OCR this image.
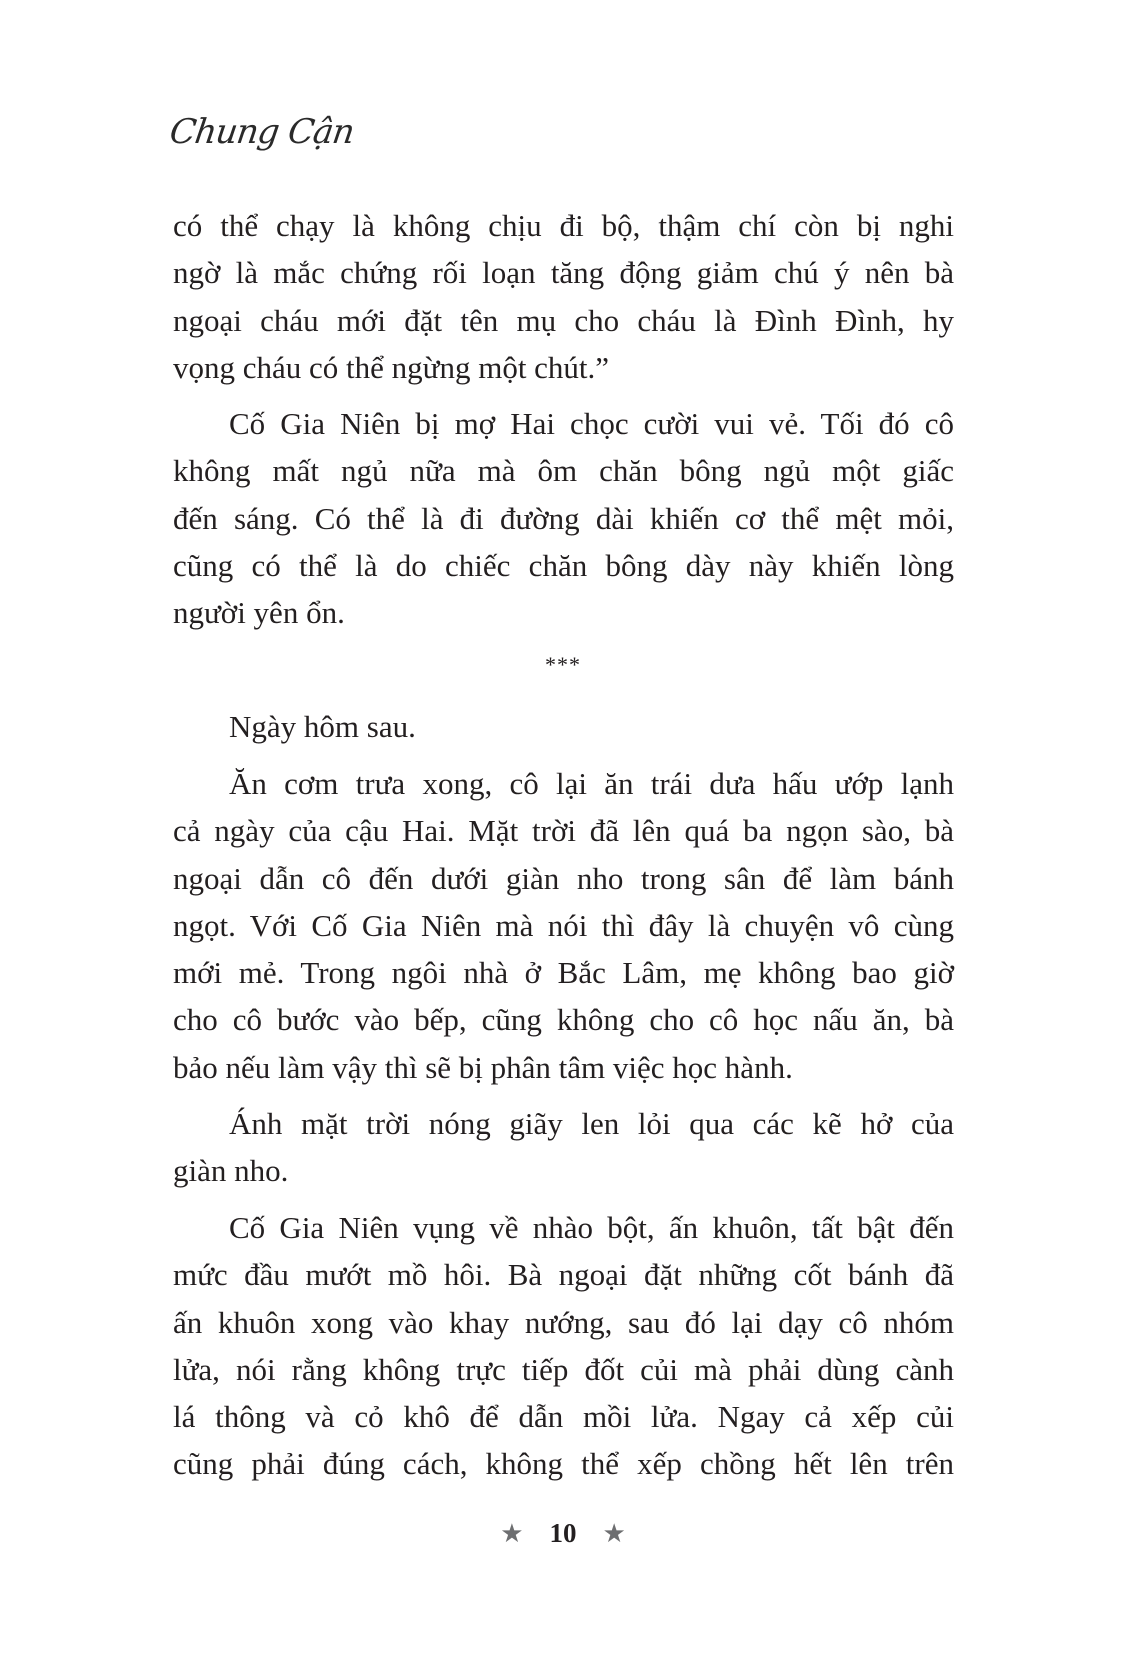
Chung Cận
có thể chạy là không chịu đi bộ, thậm chí còn bị nghi
ngờ là mắc chứng rối loạn tăng động giảm chú ý nên bà
ngoại cháu mới đặt tên mụ cho cháu là Đình Đình, hy
vọng cháu có thể ngừng một chút.”
Cố Gia Niên bị mợ Hai chọc cười vui vẻ. Tối đó cô
không mất ngủ nữa mà ôm chăn bông ngủ một giấc
đến sáng. Có thể là đi đường dài khiến cơ thể mệt mỏi,
cũng có thể là do chiếc chăn bông dày này khiến lòng
người yên ổn.
Ngày hôm sau.
Ăn cơm trưa xong, cô lại ăn trái dưa hấu ướp lạnh
cả ngày của cậu Hai. Mặt trời đã lên quá ba ngọn sào, bà
ngoại dẫn cô đến dưới giàn nho trong sân để làm bánh
ngọt. Với Cố Gia Niên mà nói thì đây là chuyện vô cùng
mới mẻ. Trong ngôi nhà ở Bắc Lâm, mẹ không bao giờ
cho cô bước vào bếp, cũng không cho cô học nấu ăn, bà
bảo nếu làm vậy thì sẽ bị phân tâm việc học hành.
Ánh mặt trời nóng giãy len lỏi qua các kẽ hở của
giàn nho.
Cố Gia Niên vụng về nhào bột, ấn khuôn, tất bật đến
mức đầu mướt mồ hôi. Bà ngoại đặt những cốt bánh đã
ấn khuôn xong vào khay nướng, sau đó lại dạy cô nhóm
lửa, nói rằng không trực tiếp đốt củi mà phải dùng cành
lá thông và cỏ khô để dẫn mồi lửa. Ngay cả xếp củi
cũng phải đúng cách, không thể xếp chồng hết lên trên
***
★ 10 ★
